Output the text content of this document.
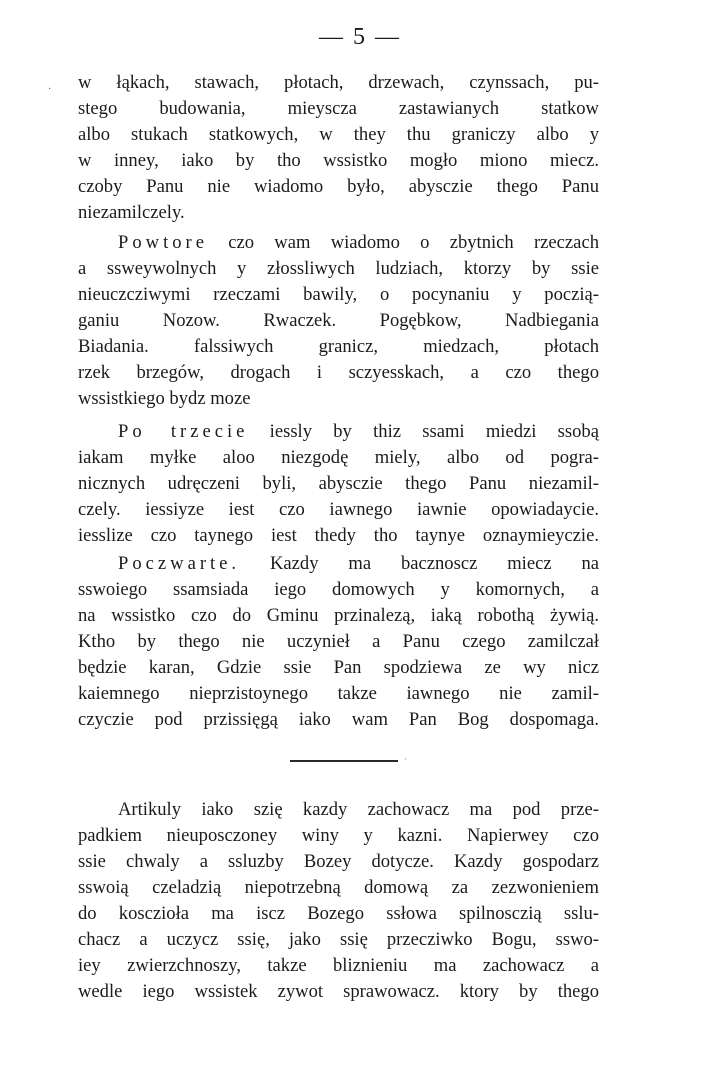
— 5 —
· w łąkach, stawach, płotach, drzewach, czynssach, pu-
stego budowania, mieyscza zastawianych statkow
albo stukach statkowych, w they thu graniczy albo y
w inney, iako by tho wssistko mogło miono miecz.
czoby Panu nie wiadomo było, abysczie thego Panu
niezamilczely.
Powtore czo wam wiadomo o zbytnich rzeczach
a ssweywolnych y złossliwych ludziach, ktorzy by ssie
nieuczcziwymi rzeczami bawily, o pocynaniu y poczią-
ganiu Nozow. Rwaczek. Pogębkow, Nadbiegania
Biadania. falssiwych granicz, miedzach, płotach
rzek brzegów, drogach i sczyesskach, a czo thego
wssistkiego bydz moze
Po trzecie iessly by thiz ssami miedzi ssobą
iakam myłke aloo niezgodę miely, albo od pogra-
nicznych udręczeni byli, abysczie thego Panu niezamil-
czely. iessiyze iest czo iawnego iawnie opowiadaycie.
iesslize czo taynego iest thedy tho taynye oznaymieyczie.
Poczwarte. Kazdy ma bacznoscz miecz na
sswoiego ssamsiada iego domowych y komornych, a
na wssistko czo do Gminu przinalezą, iaką robothą żywią.
Ktho by thego nie uczynieł a Panu czego zamilczał
będzie karan, Gdzie ssie Pan spodziewa ze wy nicz
kaiemnego nieprzistoynego takze iawnego nie zamil-
czyczie pod przissięgą iako wam Pan Bog dospomaga.
·
Artikuly iako szię kazdy zachowacz ma pod prze-
padkiem nieuposczoney winy y kazni. Napierwey czo
ssie chwaly a ssluzby Bozey dotycze. Kazdy gospodarz
sswoią czeladzią niepotrzebną domową za zezwonieniem
do kosczioła ma iscz Bozego ssłowa spilnosczią sslu-
chacz a uczycz ssię, jako ssię przecziwko Bogu, sswo-
iey zwierzchnoszy, takze bliznieniu ma zachowacz a
wedle iego wssistek zywot sprawowacz. ktory by thego
